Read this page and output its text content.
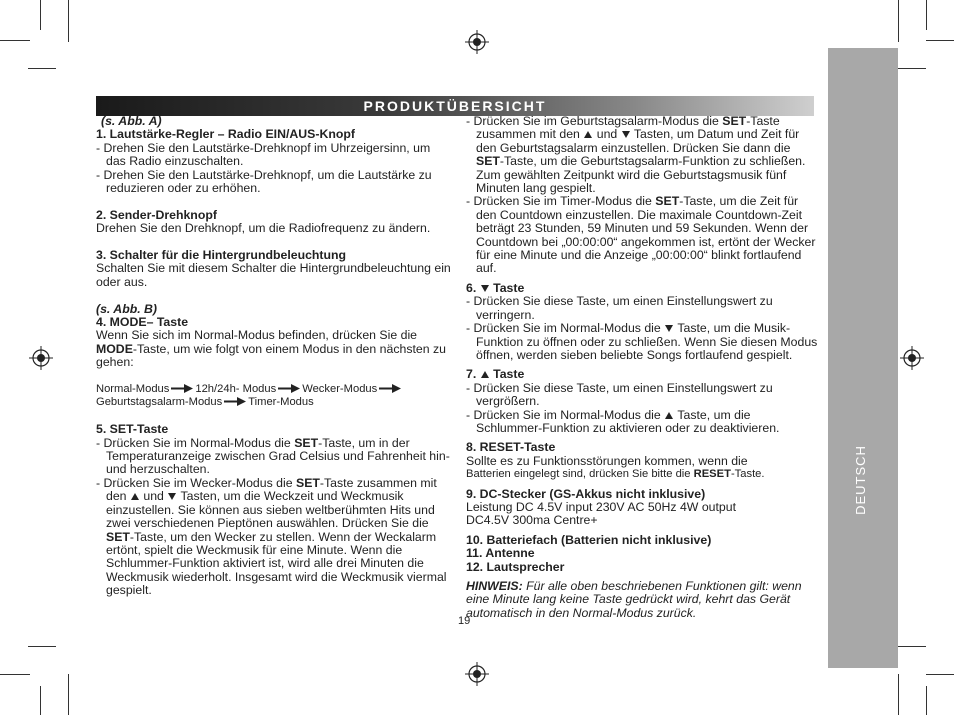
DEUTSCH
PRODUKTÜBERSICHT

(s. Abb. A)

1. Lautstärke-Regler – Radio EIN/AUS-Knopf

- Drehen Sie den Lautstärke-Drehknopf im Uhrzeigersinn, um das Radio einzuschalten.

- Drehen Sie den Lautstärke-Drehknopf, um die Lautstärke zu reduzieren oder zu erhöhen.

2. Sender-Drehknopf

Drehen Sie den Drehknopf, um die Radiofrequenz zu ändern.

3. Schalter für die Hintergrundbeleuchtung

Schalten Sie mit diesem Schalter die Hintergrundbeleuchtung ein oder aus.

(s. Abb. B)

4. MODE– Taste

Wenn Sie sich im Normal-Modus befinden, drücken Sie die MODE-Taste, um wie folgt von einem Modus in den nächsten zu gehen:

Normal-Modus 12h/24h- Modus Wecker-Modus
Geburtstagsalarm-Modus Timer-Modus

5. SET-Taste

- Drücken Sie im Normal-Modus die SET-Taste, um in der Temperaturanzeige zwischen Grad Celsius und Fahrenheit hin-und herzuschalten.

- Drücken Sie im Wecker-Modus die SET-Taste zusammen mit den  und  Tasten, um die Weckzeit und Weckmusik einzustellen. Sie können aus sieben weltberühmten Hits und zwei verschiedenen Pieptönen auswählen. Drücken Sie die SET-Taste, um den Wecker zu stellen. Wenn der Weckalarm ertönt, spielt die Weckmusik für eine Minute. Wenn die Schlummer-Funktion aktiviert ist, wird alle drei Minuten die Weckmusik wiederholt. Insgesamt wird die Weckmusik viermal gespielt.

- Drücken Sie im Geburtstagsalarm-Modus die SET-Taste zusammen mit den  und  Tasten, um Datum und Zeit für den Geburtstagsalarm einzustellen. Drücken Sie dann die SET-Taste, um die Geburtstagsalarm-Funktion zu schließen. Zum gewählten Zeitpunkt wird die Geburtstagsmusik fünf Minuten lang gespielt.

- Drücken Sie im Timer-Modus die SET-Taste, um die Zeit für den Countdown einzustellen. Die maximale Countdown-Zeit beträgt 23 Stunden, 59 Minuten und 59 Sekunden. Wenn der Countdown bei „00:00:00“ angekommen ist, ertönt der Wecker für eine Minute und die Anzeige „00:00:00“ blinkt fortlaufend auf.

6.  Taste

- Drücken Sie diese Taste, um einen Einstellungswert zu verringern.

- Drücken Sie im Normal-Modus die  Taste, um die Musik-Funktion zu öffnen oder zu schließen. Wenn Sie diesen Modus öffnen, werden sieben beliebte Songs fortlaufend gespielt.

7.  Taste

- Drücken Sie diese Taste, um einen Einstellungswert zu vergrößern.

- Drücken Sie im Normal-Modus die  Taste, um die Schlummer-Funktion zu aktivieren oder zu deaktivieren.

8. RESET-Taste

Sollte es zu Funktionsstörungen kommen, wenn die

Batterien eingelegt sind, drücken Sie bitte die RESET-Taste.

9. DC-Stecker (GS-Akkus nicht inklusive)

Leistung DC 4.5V input 230V AC 50Hz 4W output

DC4.5V 300ma Centre+

10. Batteriefach (Batterien nicht inklusive)

11. Antenne

12. Lautsprecher

HINWEIS: Für alle oben beschriebenen Funktionen gilt: wenn eine Minute lang keine Taste gedrückt wird, kehrt das Gerät automatisch in den Normal-Modus zurück.

19
